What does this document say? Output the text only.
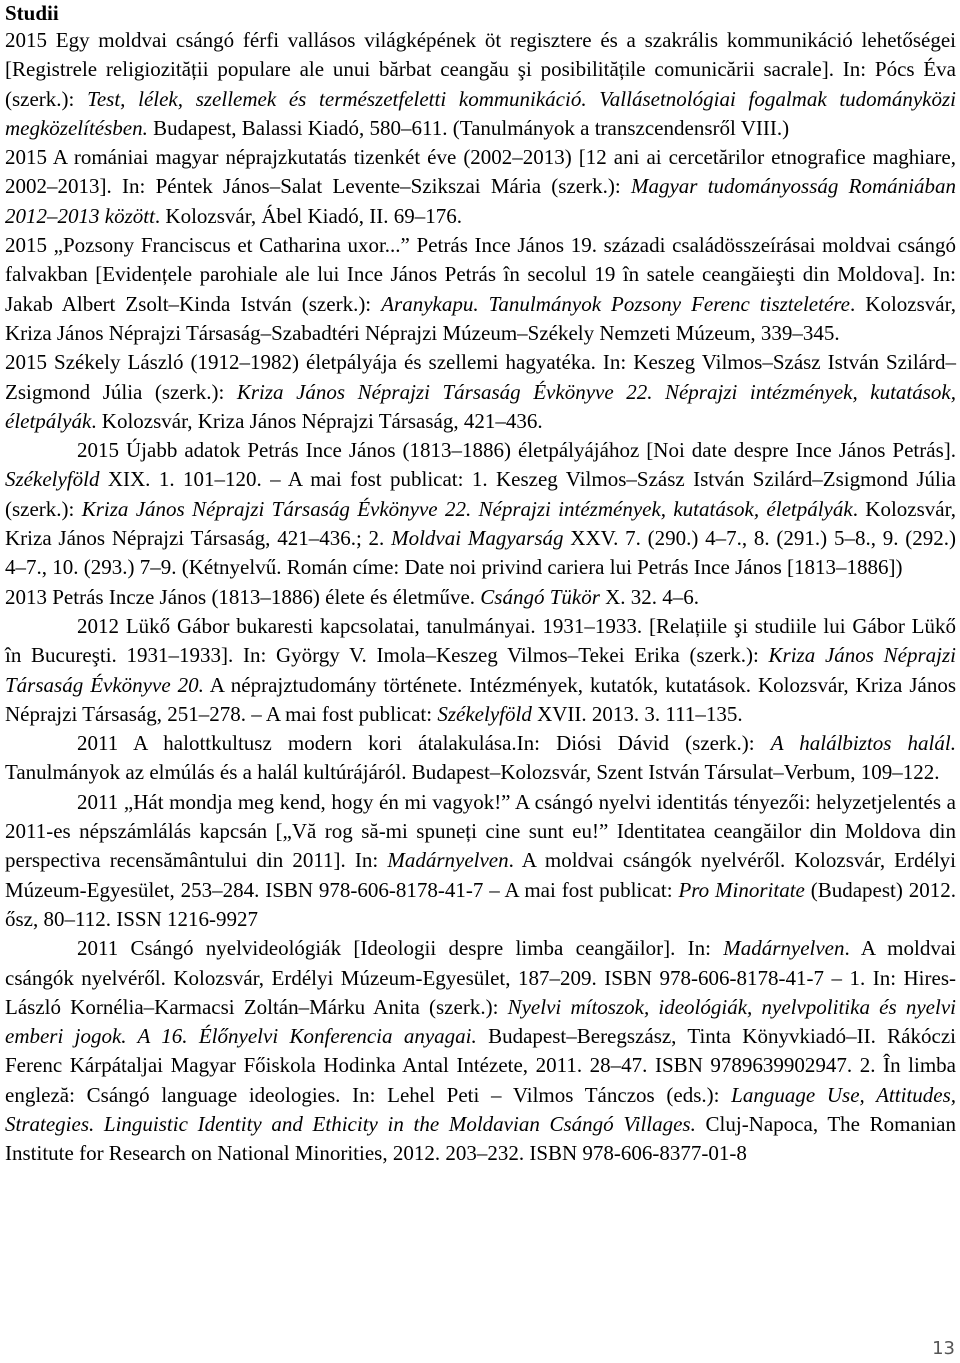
Studii

2015 Egy moldvai csángó férfi vallásos világképének öt regisztere és a szakrális kommunikáció lehetőségei [Registrele religiozității populare ale unui bărbat ceangău şi posibilitățile comunicării sacrale]. In: Pócs Éva (szerk.): Test, lélek, szellemek és természetfeletti kommunikáció. Vallásetnológiai fogalmak tudományközi megközelítésben. Budapest, Balassi Kiadó, 580–611. (Tanulmányok a transzcendensről VIII.)

2015 A romániai magyar néprajzkutatás tizenkét éve (2002–2013) [12 ani ai cercetărilor etnografice maghiare, 2002–2013]. In: Péntek János–Salat Levente–Szikszai Mária (szerk.): Magyar tudományosság Romániában 2012–2013 között. Kolozsvár, Ábel Kiadó, II. 69–176.

2015 „Pozsony Franciscus et Catharina uxor...” Petrás Ince János 19. századi családösszeírásai moldvai csángó falvakban [Evidențele parohiale ale lui Ince János Petrás în secolul 19 în satele ceangăieşti din Moldova]. In: Jakab Albert Zsolt–Kinda István (szerk.): Aranykapu. Tanulmányok Pozsony Ferenc tiszteletére. Kolozsvár, Kriza János Néprajzi Társaság–Szabadtéri Néprajzi Múzeum–Székely Nemzeti Múzeum, 339–345.

2015 Székely László (1912–1982) életpályája és szellemi hagyatéka. In: Keszeg Vilmos–Szász István Szilárd–Zsigmond Júlia (szerk.): Kriza János Néprajzi Társaság Évkönyve 22. Néprajzi intézmények, kutatások, életpályák. Kolozsvár, Kriza János Néprajzi Társaság, 421–436.

2015 Újabb adatok Petrás Ince János (1813–1886) életpályájához [Noi date despre Ince János Petrás]. Székelyföld XIX. 1. 101–120. – A mai fost publicat: 1. Keszeg Vilmos–Szász István Szilárd–Zsigmond Júlia (szerk.): Kriza János Néprajzi Társaság Évkönyve 22. Néprajzi intézmények, kutatások, életpályák. Kolozsvár, Kriza János Néprajzi Társaság, 421–436.; 2. Moldvai Magyarság XXV. 7. (290.) 4–7., 8. (291.) 5–8., 9. (292.) 4–7., 10. (293.) 7–9. (Kétnyelvű. Román címe: Date noi privind cariera lui Petrás Ince János [1813–1886])

2013 Petrás Incze János (1813–1886) élete és életműve. Csángó Tükör X. 32. 4–6.

2012 Lükő Gábor bukaresti kapcsolatai, tanulmányai. 1931–1933. [Relațiile şi studiile lui Gábor Lükő în Bucureşti. 1931–1933]. In: György V. Imola–Keszeg Vilmos–Tekei Erika (szerk.): Kriza János Néprajzi Társaság Évkönyve 20. A néprajztudomány története. Intézmények, kutatók, kutatások. Kolozsvár, Kriza János Néprajzi Társaság, 251–278. – A mai fost publicat: Székelyföld XVII. 2013. 3. 111–135.

2011 A halottkultusz modern kori átalakulása.In: Diósi Dávid (szerk.): A halálbiztos halál. Tanulmányok az elmúlás és a halál kultúrájáról. Budapest–Kolozsvár, Szent István Társulat–Verbum, 109–122.

2011 „Hát mondja meg kend, hogy én mi vagyok!” A csángó nyelvi identitás tényezői: helyzetjelentés a 2011-es népszámlálás kapcsán [„Vă rog să-mi spuneți cine sunt eu!” Identitatea ceangăilor din Moldova din perspectiva recensământului din 2011]. In: Madárnyelven. A moldvai csángók nyelvéről. Kolozsvár, Erdélyi Múzeum-Egyesület, 253–284. ISBN 978-606-8178-41-7 – A mai fost publicat: Pro Minoritate (Budapest) 2012. ősz, 80–112. ISSN 1216-9927

2011 Csángó nyelvideológiák [Ideologii despre limba ceangăilor]. In: Madárnyelven. A moldvai csángók nyelvéről. Kolozsvár, Erdélyi Múzeum-Egyesület, 187–209. ISBN 978-606-8178-41-7 – 1. In: Hires-László Kornélia–Karmacsi Zoltán–Márku Anita (szerk.): Nyelvi mítoszok, ideológiák, nyelvpolitika és nyelvi emberi jogok. A 16. Élőnyelvi Konferencia anyagai. Budapest–Beregszász, Tinta Könyvkiadó–II. Rákóczi Ferenc Kárpátaljai Magyar Főiskola Hodinka Antal Intézete, 2011. 28–47. ISBN 9789639902947. 2. În limba engleză: Csángó language ideologies. In: Lehel Peti – Vilmos Tánczos (eds.): Language Use, Attitudes, Strategies. Linguistic Identity and Ethicity in the Moldavian Csángó Villages. Cluj-Napoca, The Romanian Institute for Research on National Minorities, 2012. 203–232. ISBN 978-606-8377-01-8

13
